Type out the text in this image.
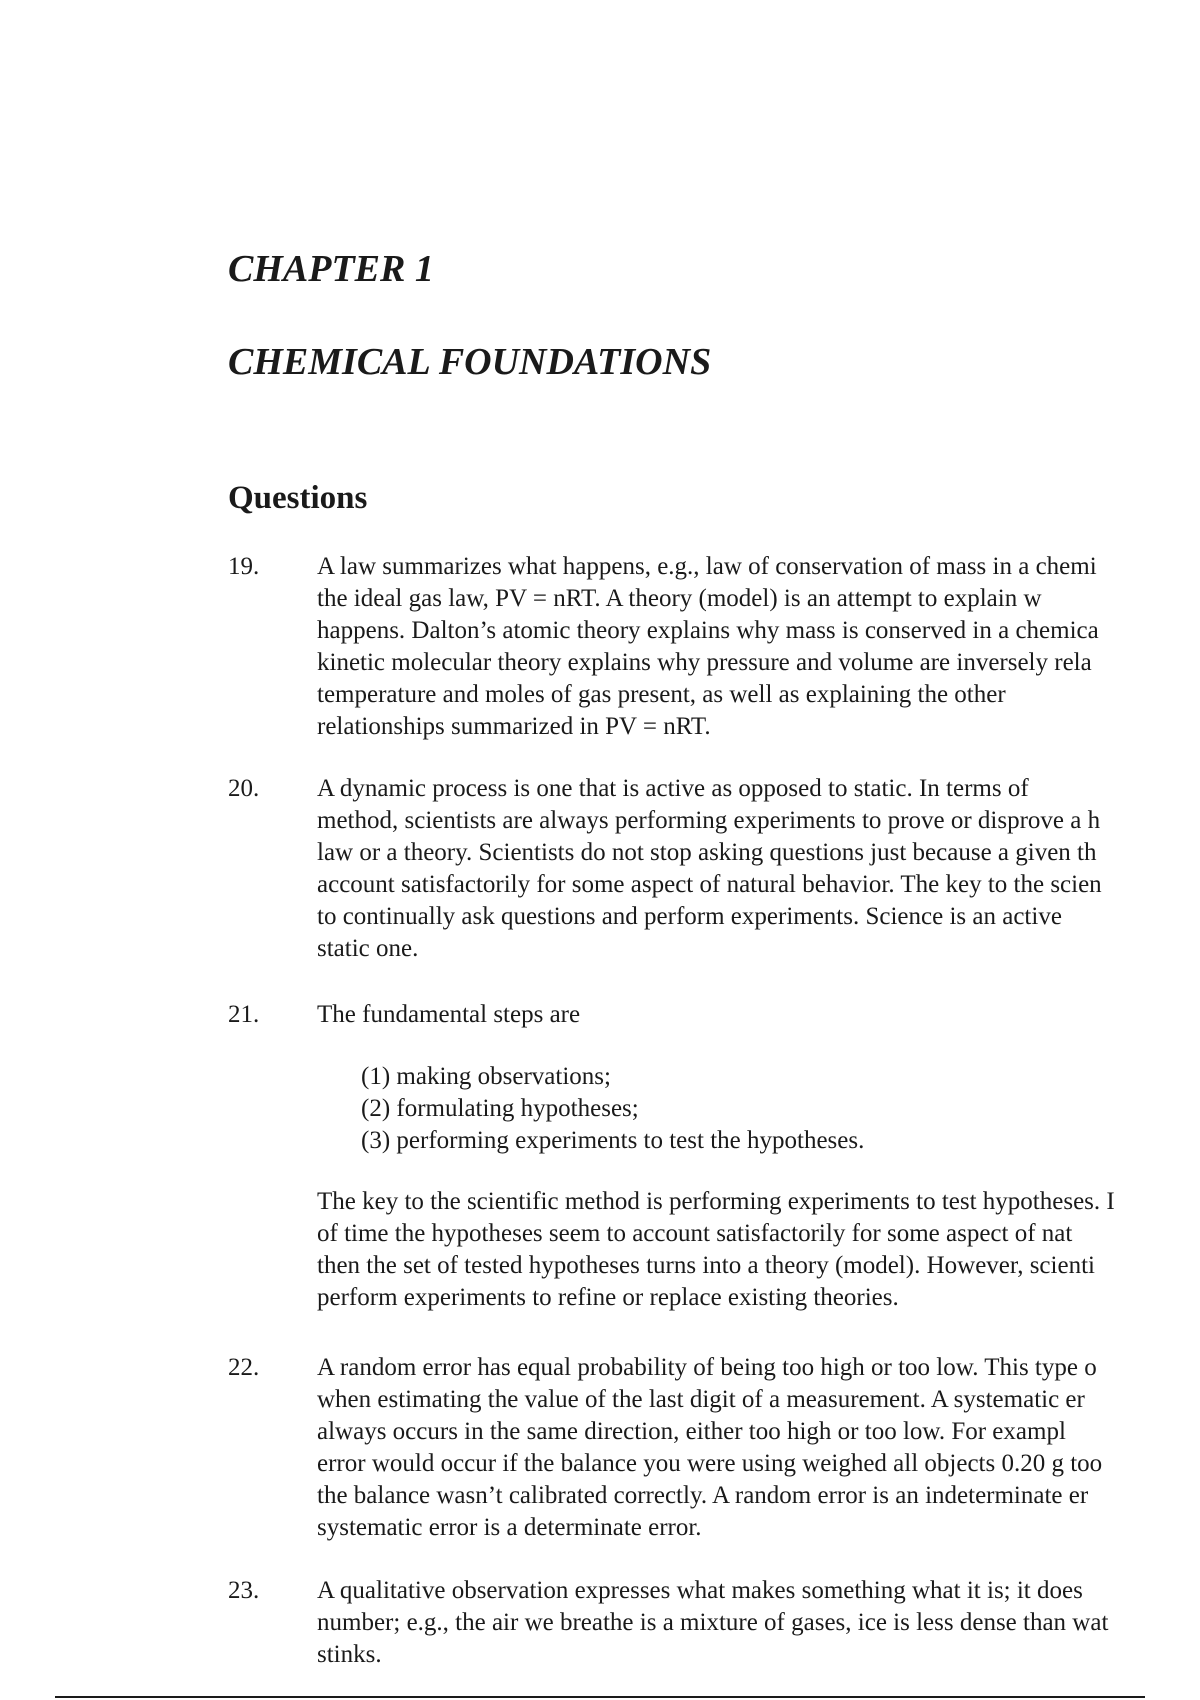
CHAPTER 1
CHEMICAL FOUNDATIONS
Questions
19. A law summarizes what happens, e.g., law of conservation of mass in a chemi
the ideal gas law, PV = nRT. A theory (model) is an attempt to explain w
happens. Dalton’s atomic theory explains why mass is conserved in a chemica
kinetic molecular theory explains why pressure and volume are inversely rela
temperature and moles of gas present, as well as explaining the other
relationships summarized in PV = nRT.
20. A dynamic process is one that is active as opposed to static. In terms of
method, scientists are always performing experiments to prove or disprove a h
law or a theory. Scientists do not stop asking questions just because a given th
account satisfactorily for some aspect of natural behavior. The key to the scien
to continually ask questions and perform experiments. Science is an active
static one.
21. The fundamental steps are
(1) making observations;
(2) formulating hypotheses;
(3) performing experiments to test the hypotheses.
The key to the scientific method is performing experiments to test hypotheses. I
of time the hypotheses seem to account satisfactorily for some aspect of nat
then the set of tested hypotheses turns into a theory (model). However, scienti
perform experiments to refine or replace existing theories.
22. A random error has equal probability of being too high or too low. This type o
when estimating the value of the last digit of a measurement. A systematic er
always occurs in the same direction, either too high or too low. For exampl
error would occur if the balance you were using weighed all objects 0.20 g too
the balance wasn’t calibrated correctly. A random error is an indeterminate er
systematic error is a determinate error.
23. A qualitative observation expresses what makes something what it is; it does
number; e.g., the air we breathe is a mixture of gases, ice is less dense than wat
stinks.
